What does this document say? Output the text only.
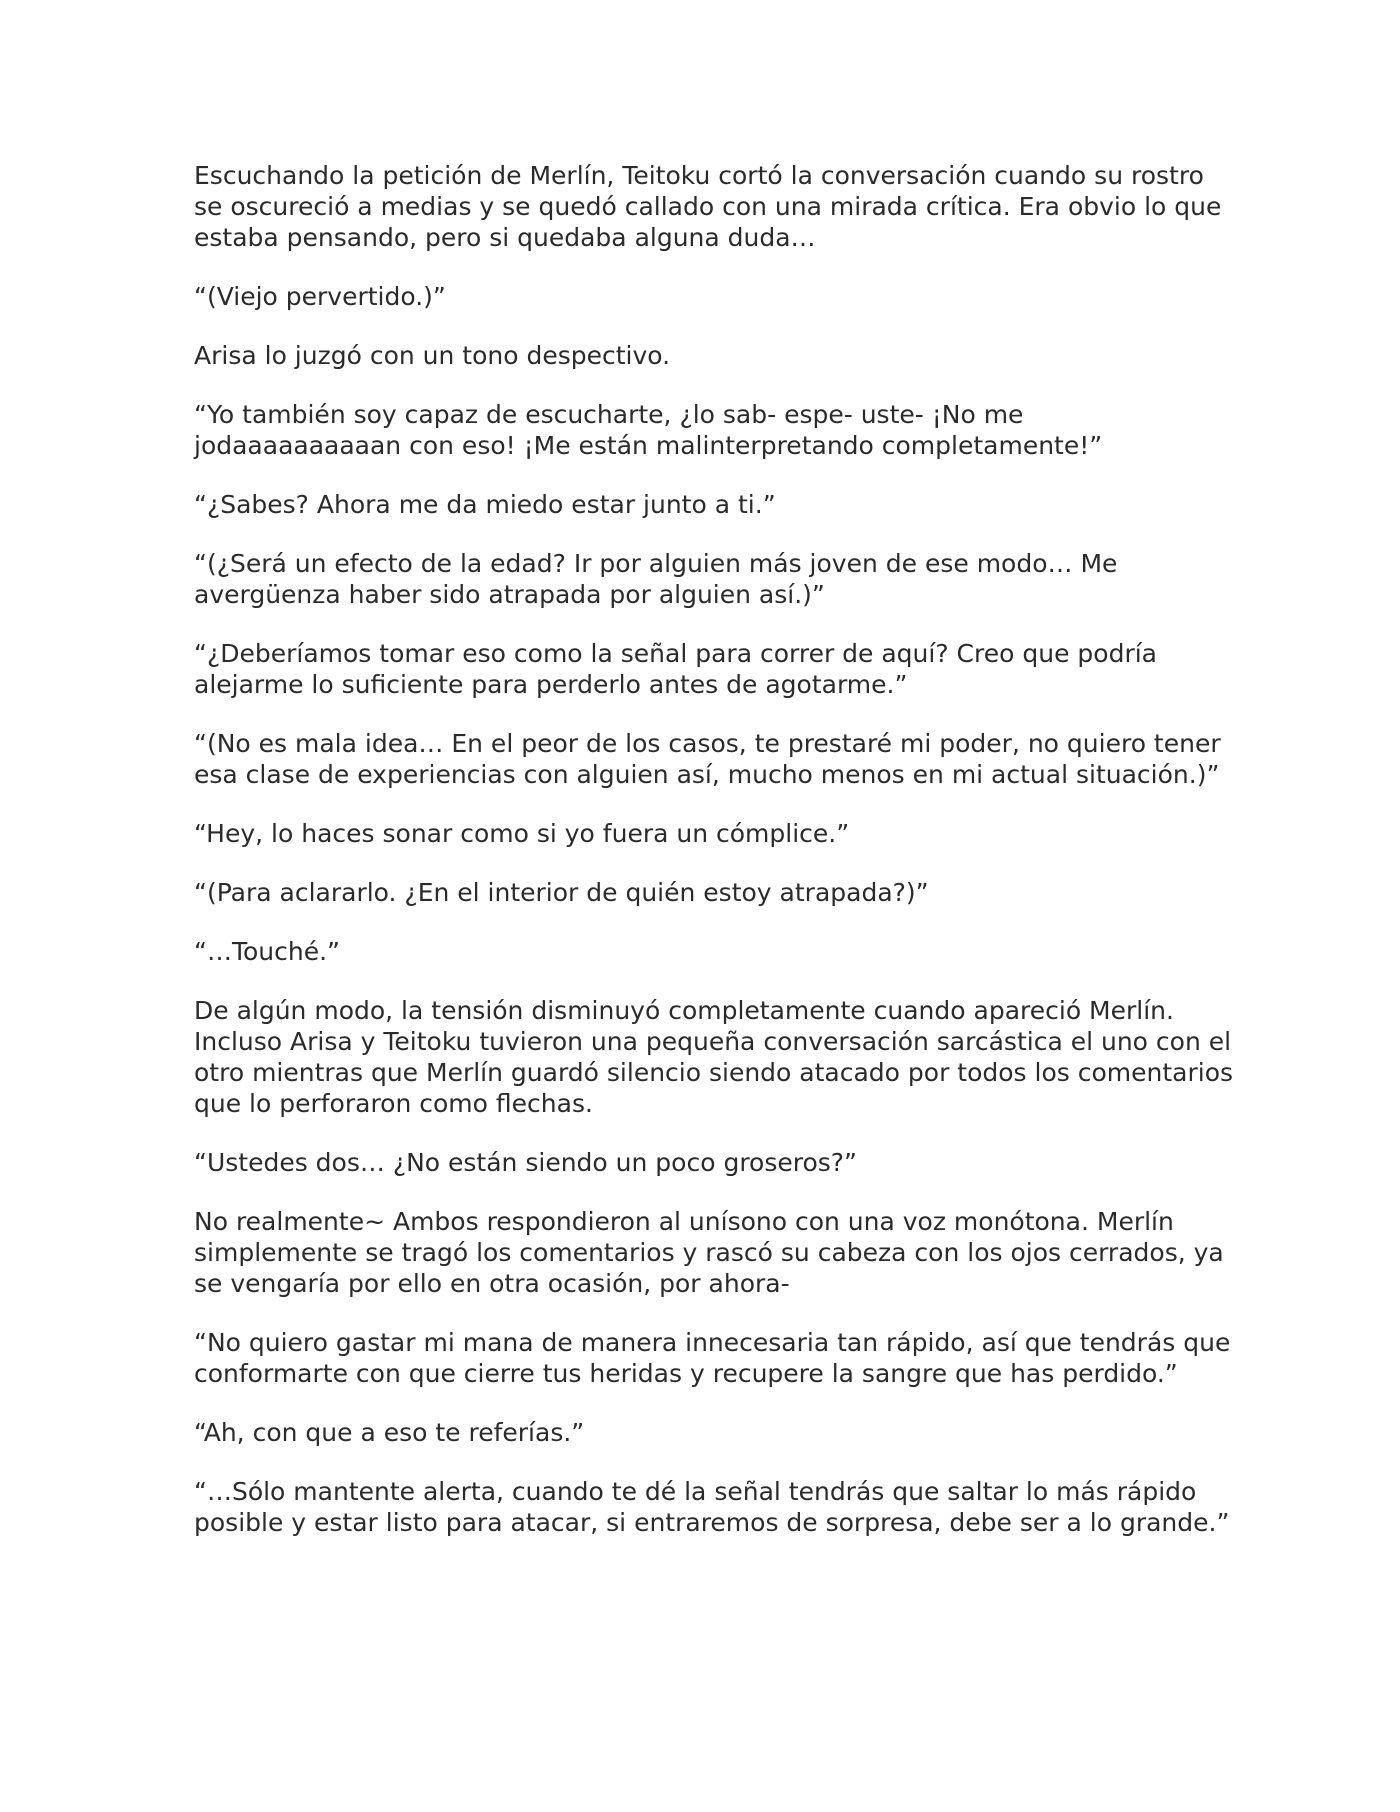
Escuchando la petición de Merlín, Teitoku cortó la conversación cuando su rostro se oscureció a medias y se quedó callado con una mirada crítica. Era obvio lo que estaba pensando, pero si quedaba alguna duda…

“(Viejo pervertido.)”

Arisa lo juzgó con un tono despectivo.

“Yo también soy capaz de escucharte, ¿lo sab- espe- uste- ¡No me jodaaaaaaaaaan con eso! ¡Me están malinterpretando completamente!”

“¿Sabes? Ahora me da miedo estar junto a ti.”

“(¿Será un efecto de la edad? Ir por alguien más joven de ese modo… Me avergüenza haber sido atrapada por alguien así.)”

“¿Deberíamos tomar eso como la señal para correr de aquí? Creo que podría alejarme lo suficiente para perderlo antes de agotarme.”

“(No es mala idea… En el peor de los casos, te prestaré mi poder, no quiero tener esa clase de experiencias con alguien así, mucho menos en mi actual situación.)”

“Hey, lo haces sonar como si yo fuera un cómplice.”

“(Para aclararlo. ¿En el interior de quién estoy atrapada?)”

“…Touché.”

De algún modo, la tensión disminuyó completamente cuando apareció Merlín. Incluso Arisa y Teitoku tuvieron una pequeña conversación sarcástica el uno con el otro mientras que Merlín guardó silencio siendo atacado por todos los comentarios que lo perforaron como flechas.

“Ustedes dos… ¿No están siendo un poco groseros?”

No realmente~ Ambos respondieron al unísono con una voz monótona. Merlín simplemente se tragó los comentarios y rascó su cabeza con los ojos cerrados, ya se vengaría por ello en otra ocasión, por ahora-

“No quiero gastar mi mana de manera innecesaria tan rápido, así que tendrás que conformarte con que cierre tus heridas y recupere la sangre que has perdido.”

“Ah, con que a eso te referías.”

“…Sólo mantente alerta, cuando te dé la señal tendrás que saltar lo más rápido posible y estar listo para atacar, si entraremos de sorpresa, debe ser a lo grande.”
